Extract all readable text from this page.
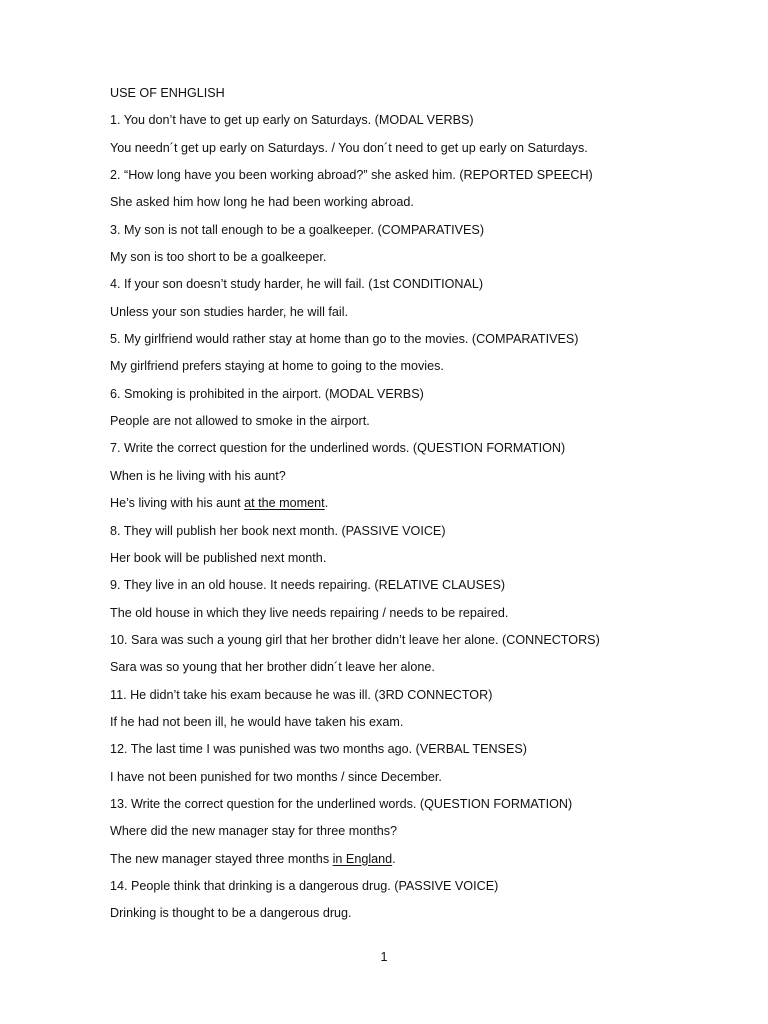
USE OF ENHGLISH
1. You don’t have to get up early on Saturdays. (MODAL VERBS)
You needn´t get up early on Saturdays. / You don´t need to get up early on Saturdays.
2. “How long have you been working abroad?” she asked him. (REPORTED SPEECH)
She asked him how long he had been working abroad.
3. My son is not tall enough to be a goalkeeper. (COMPARATIVES)
My son is too short to be a goalkeeper.
4. If your son doesn’t study harder, he will fail. (1st CONDITIONAL)
Unless your son studies harder, he will fail.
5. My girlfriend would rather stay at home than go to the movies. (COMPARATIVES)
My girlfriend prefers staying at home to going to the movies.
6. Smoking is prohibited in the airport. (MODAL VERBS)
People are not allowed to smoke in the airport.
7. Write the correct question for the underlined words. (QUESTION FORMATION)
When is he living with his aunt?
He’s living with his aunt at the moment.
8. They will publish her book next month. (PASSIVE VOICE)
Her book will be published next month.
9. They live in an old house. It needs repairing. (RELATIVE CLAUSES)
The old house in which they live needs repairing / needs to be repaired.
10. Sara was such a young girl that her brother didn’t leave her alone. (CONNECTORS)
Sara was so young that her brother didn´t leave her alone.
11. He didn’t take his exam because he was ill. (3RD CONNECTOR)
If he had not been ill, he would have taken his exam.
12. The last time I was punished was two months ago. (VERBAL TENSES)
I have not been punished for two months / since December.
13. Write the correct question for the underlined words. (QUESTION FORMATION)
Where did the new manager stay for three months?
The new manager stayed three months in England.
14. People think that drinking is a dangerous drug. (PASSIVE VOICE)
Drinking is thought to be a dangerous drug.
1
